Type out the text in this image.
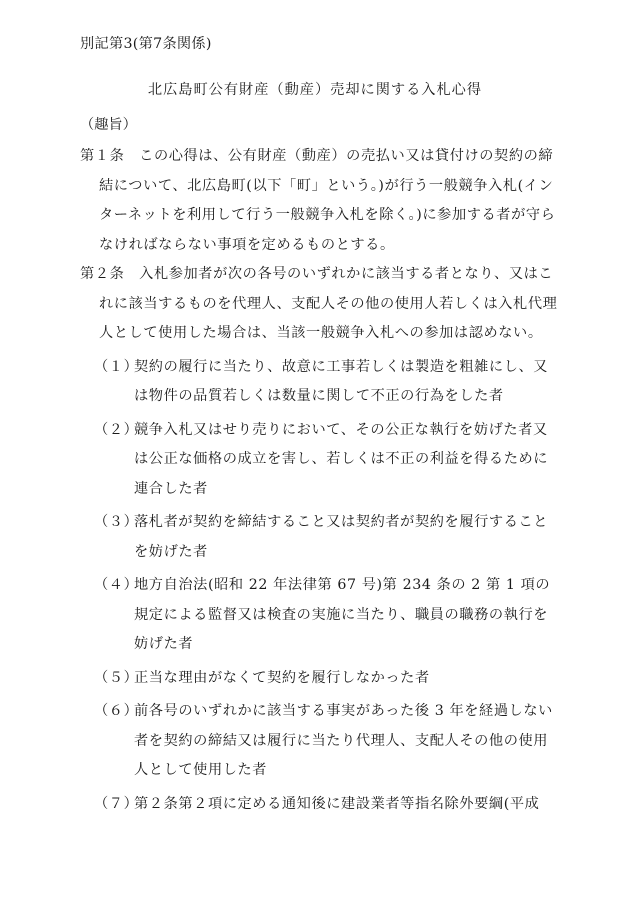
別記第3(第7条関係)
北広島町公有財産（動産）売却に関する入札心得
（趣旨）

第１条　この心得は、公有財産（動産）の売払い又は貸付けの契約の締結について、北広島町(以下「町」という。)が行う一般競争入札(インターネットを利用して行う一般競争入札を除く。)に参加する者が守らなければならない事項を定めるものとする。

第２条　入札参加者が次の各号のいずれかに該当する者となり、又はこれに該当するものを代理人、支配人その他の使用人若しくは入札代理人として使用した場合は、当該一般競争入札への参加は認めない。

（１）契約の履行に当たり、故意に工事若しくは製造を粗雑にし、又は物件の品質若しくは数量に関して不正の行為をした者

（２）競争入札又はせり売りにおいて、その公正な執行を妨げた者又は公正な価格の成立を害し、若しくは不正の利益を得るために連合した者

（３）落札者が契約を締結すること又は契約者が契約を履行することを妨げた者

（４）地方自治法(昭和 22 年法律第 67 号)第 234 条の 2 第 1 項の規定による監督又は検査の実施に当たり、職員の職務の執行を妨げた者

（５）正当な理由がなくて契約を履行しなかった者

（６）前各号のいずれかに該当する事実があった後 3 年を経過しない者を契約の締結又は履行に当たり代理人、支配人その他の使用人として使用した者

（７）第２条第２項に定める通知後に建設業者等指名除外要綱(平成
